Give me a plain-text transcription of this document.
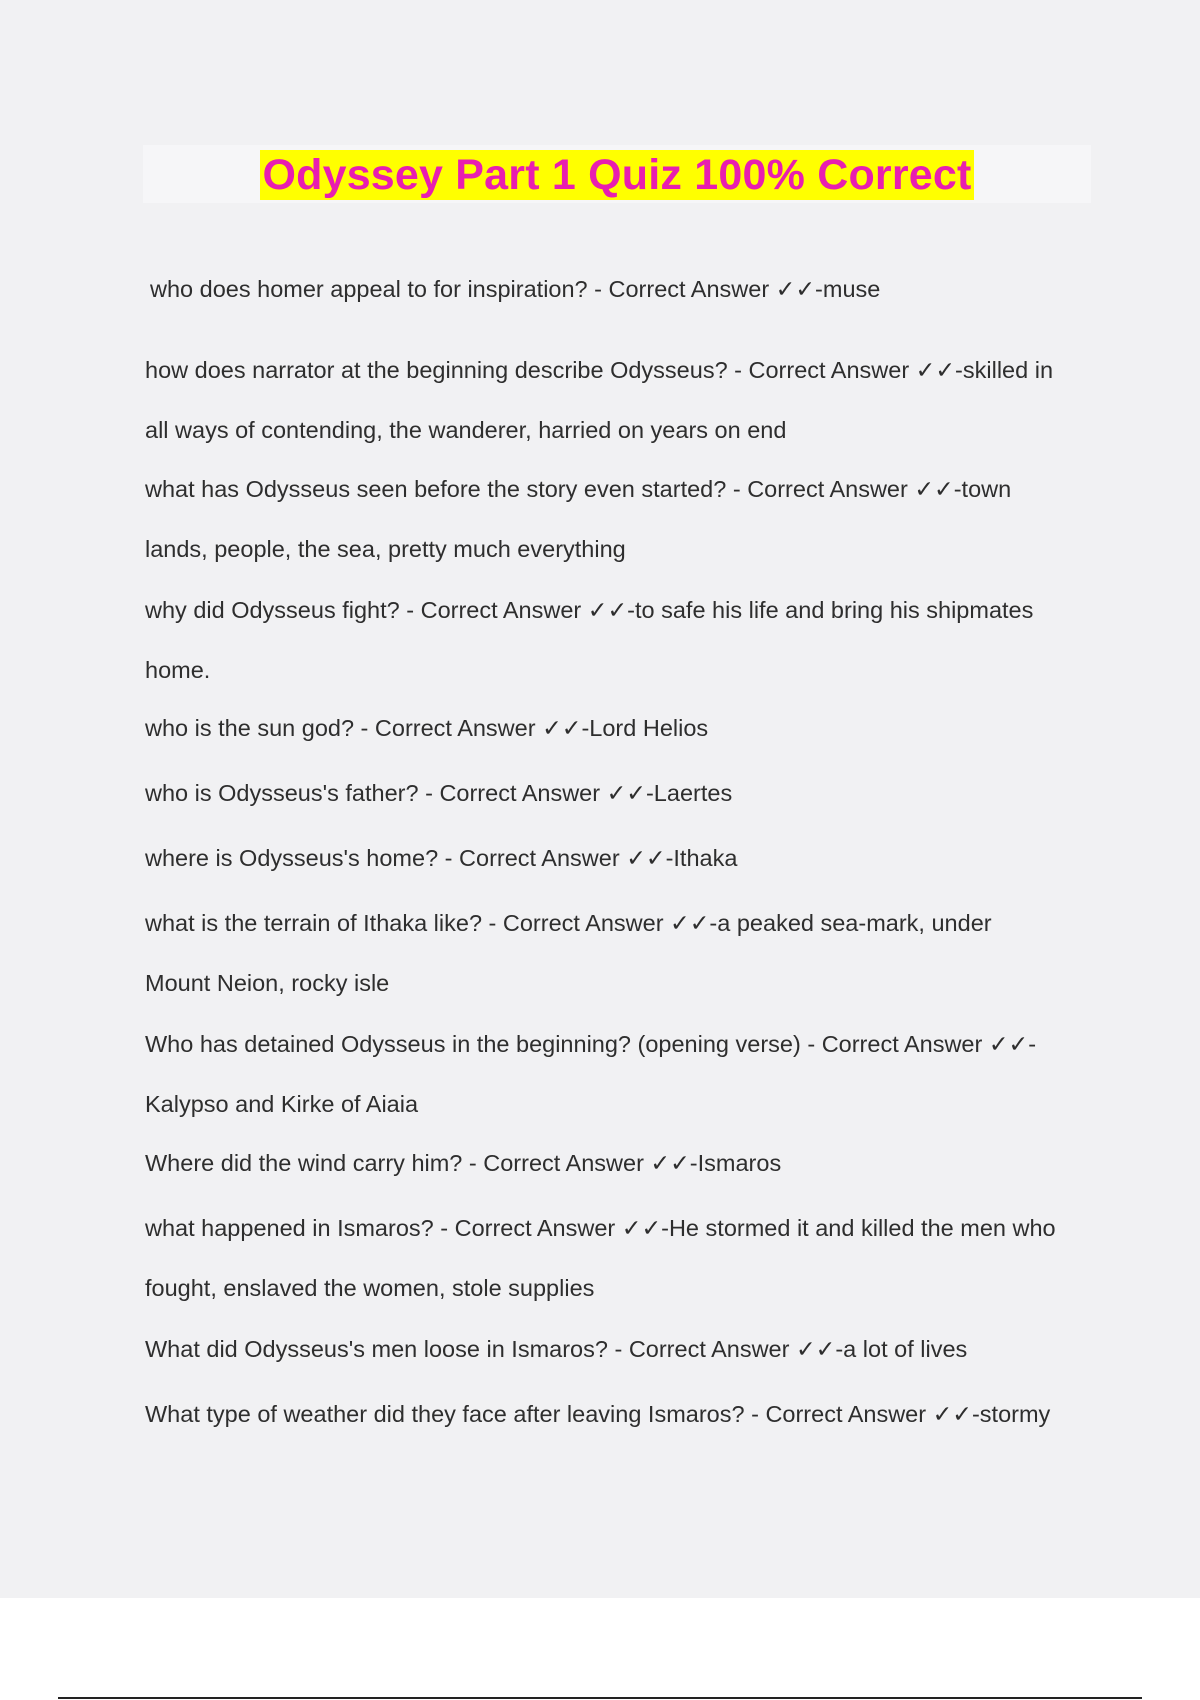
Odyssey Part 1 Quiz 100% Correct
who does homer appeal to for inspiration? - Correct Answer ✓✓-muse
how does narrator at the beginning describe Odysseus? - Correct Answer ✓✓-skilled in
all ways of contending, the wanderer, harried on years on end
what has Odysseus seen before the story even started? - Correct Answer ✓✓-town
lands, people, the sea, pretty much everything
why did Odysseus fight? - Correct Answer ✓✓-to safe his life and bring his shipmates
home.
who is the sun god? - Correct Answer ✓✓-Lord Helios
who is Odysseus's father? - Correct Answer ✓✓-Laertes
where is Odysseus's home? - Correct Answer ✓✓-Ithaka
what is the terrain of Ithaka like? - Correct Answer ✓✓-a peaked sea-mark, under
Mount Neion, rocky isle
Who has detained Odysseus in the beginning? (opening verse) - Correct Answer ✓✓-
Kalypso and Kirke of Aiaia
Where did the wind carry him? - Correct Answer ✓✓-Ismaros
what happened in Ismaros? - Correct Answer ✓✓-He stormed it and killed the men who
fought, enslaved the women, stole supplies
What did Odysseus's men loose in Ismaros? - Correct Answer ✓✓-a lot of lives
What type of weather did they face after leaving Ismaros? - Correct Answer ✓✓-stormy
